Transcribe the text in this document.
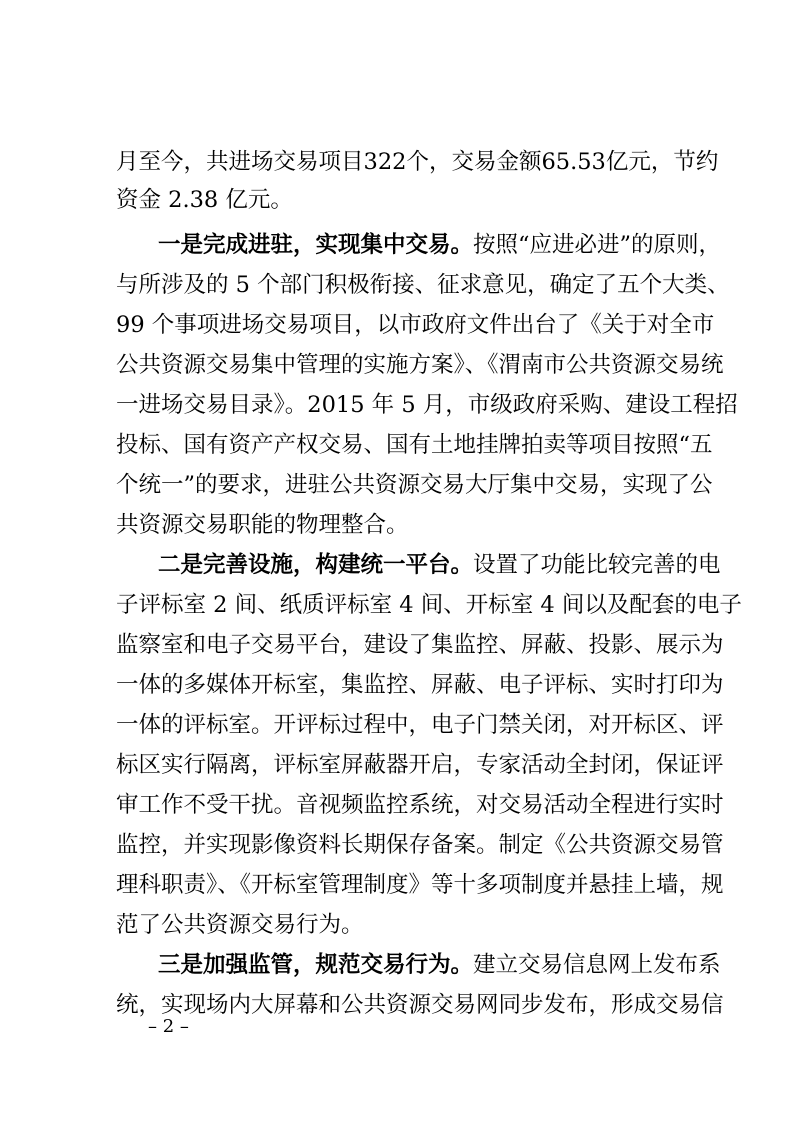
月至今，共进场交易项目322个，交易金额65.53亿元，节约
资金 2.38 亿元。
一是完成进驻，实现集中交易。按照“应进必进”的原则，
与所涉及的 5 个部门积极衔接、征求意见，确定了五个大类、
99 个事项进场交易项目，以市政府文件出台了《关于对全市
公共资源交易集中管理的实施方案》、《渭南市公共资源交易统
一进场交易目录》。2015 年 5 月，市级政府采购、建设工程招
投标、国有资产产权交易、国有土地挂牌拍卖等项目按照“五
个统一”的要求，进驻公共资源交易大厅集中交易，实现了公
共资源交易职能的物理整合。
二是完善设施，构建统一平台。设置了功能比较完善的电
子评标室 2 间、纸质评标室 4 间、开标室 4 间以及配套的电子
监察室和电子交易平台，建设了集监控、屏蔽、投影、展示为
一体的多媒体开标室，集监控、屏蔽、电子评标、实时打印为
一体的评标室。开评标过程中，电子门禁关闭，对开标区、评
标区实行隔离，评标室屏蔽器开启，专家活动全封闭，保证评
审工作不受干扰。音视频监控系统，对交易活动全程进行实时
监控，并实现影像资料长期保存备案。制定《公共资源交易管
理科职责》、《开标室管理制度》等十多项制度并悬挂上墙，规
范了公共资源交易行为。
三是加强监管，规范交易行为。建立交易信息网上发布系
统，实现场内大屏幕和公共资源交易网同步发布，形成交易信
– 2 –
